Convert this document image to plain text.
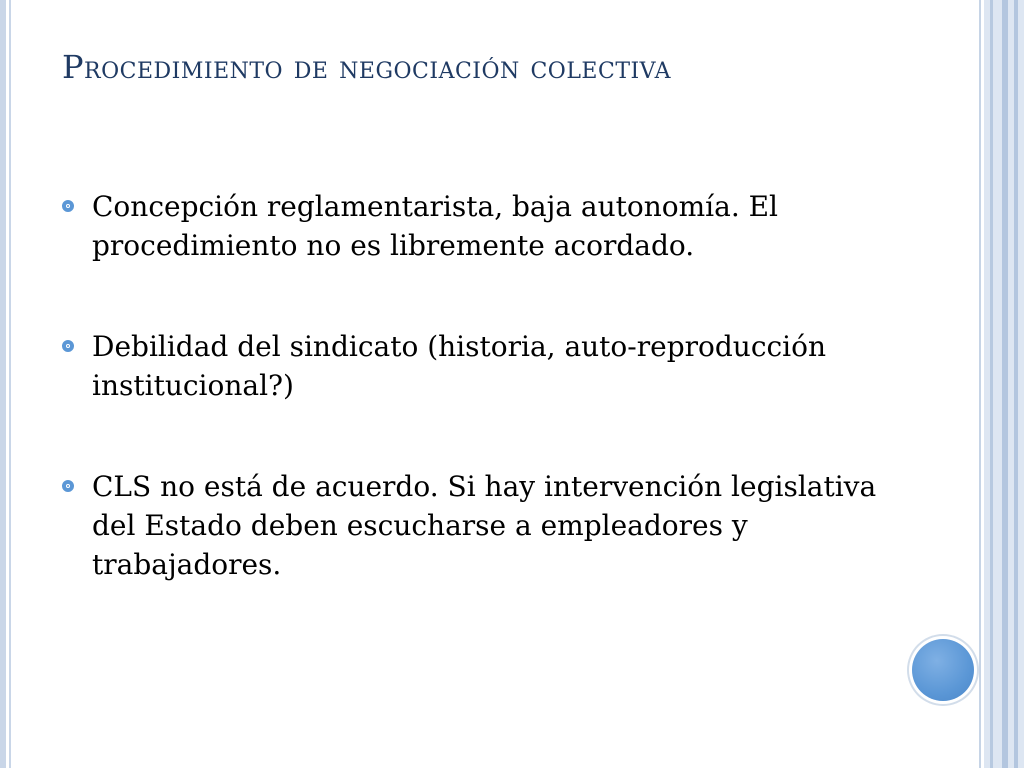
Procedimiento de negociación colectiva

Concepción reglamentarista, baja autonomía. El procedimiento no es libremente acordado.

Debilidad del sindicato (historia, auto-reproducción institucional?)

CLS no está de acuerdo. Si hay intervención legislativa del Estado deben escucharse a empleadores y trabajadores.
